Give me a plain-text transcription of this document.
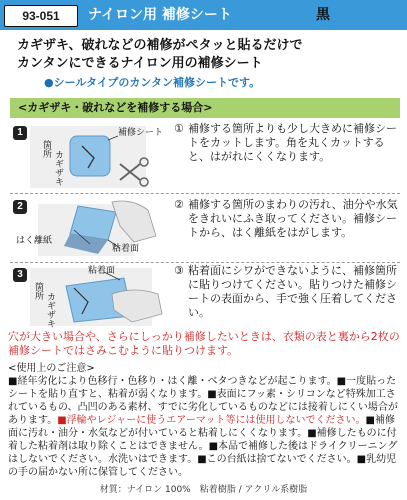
93-051	ナイロン用 補修シート	黒
カギザキ、破れなどの補修がペタッと貼るだけで
カンタンにできるナイロン用の補修シート
●シールタイプのカンタン補修シートです。
<カギザキ・破れなどを補修する場合>
1	補修シート
箇所
カギザキ
① 補修する箇所よりも少し大きめに補修シートをカットします。角を丸くカットすると、はがれにくくなります。
2
はく離紙
粘着面
② 補修する箇所のまわりの汚れ、油分や水気をきれいにふき取ってください。補修シートから、はく離紙をはがします。
3	粘着面
箇所
カギザキ
③ 粘着面にシワができないように、補修箇所に貼りつけてください。貼りつけた補修シートの表面から、手で強く圧着してください。
穴が大きい場合や、さらにしっかり補修したいときは、衣類の表と裏から2枚の補修シートではさみこむように貼りつけます。

<使用上のご注意>

■経年劣化により色移行・色移り・はく離・ベタつきなどが起こります。■一度貼ったシートを貼り直すと、粘着が弱くなります。■表面にフッ素・シリコンなど特殊加工されているもの、凸凹のある素材、すでに劣化しているものなどには接着しにくい場合があります。■浮輪やレジャーに使うエアーマット等には使用しないでください。■補修面に汚れ・油分・水気などが付いていると粘着しにくくなります。■補修したものに付着した粘着剤は取り除くことはできません。■本品で補修した後はドライクリーニングはしないでください。水洗いはできます。■この台紙は捨てないでください。■乳幼児の手の届かない所に保管してください。

材質：ナイロン 100%　粘着樹脂 / アクリル系樹脂
